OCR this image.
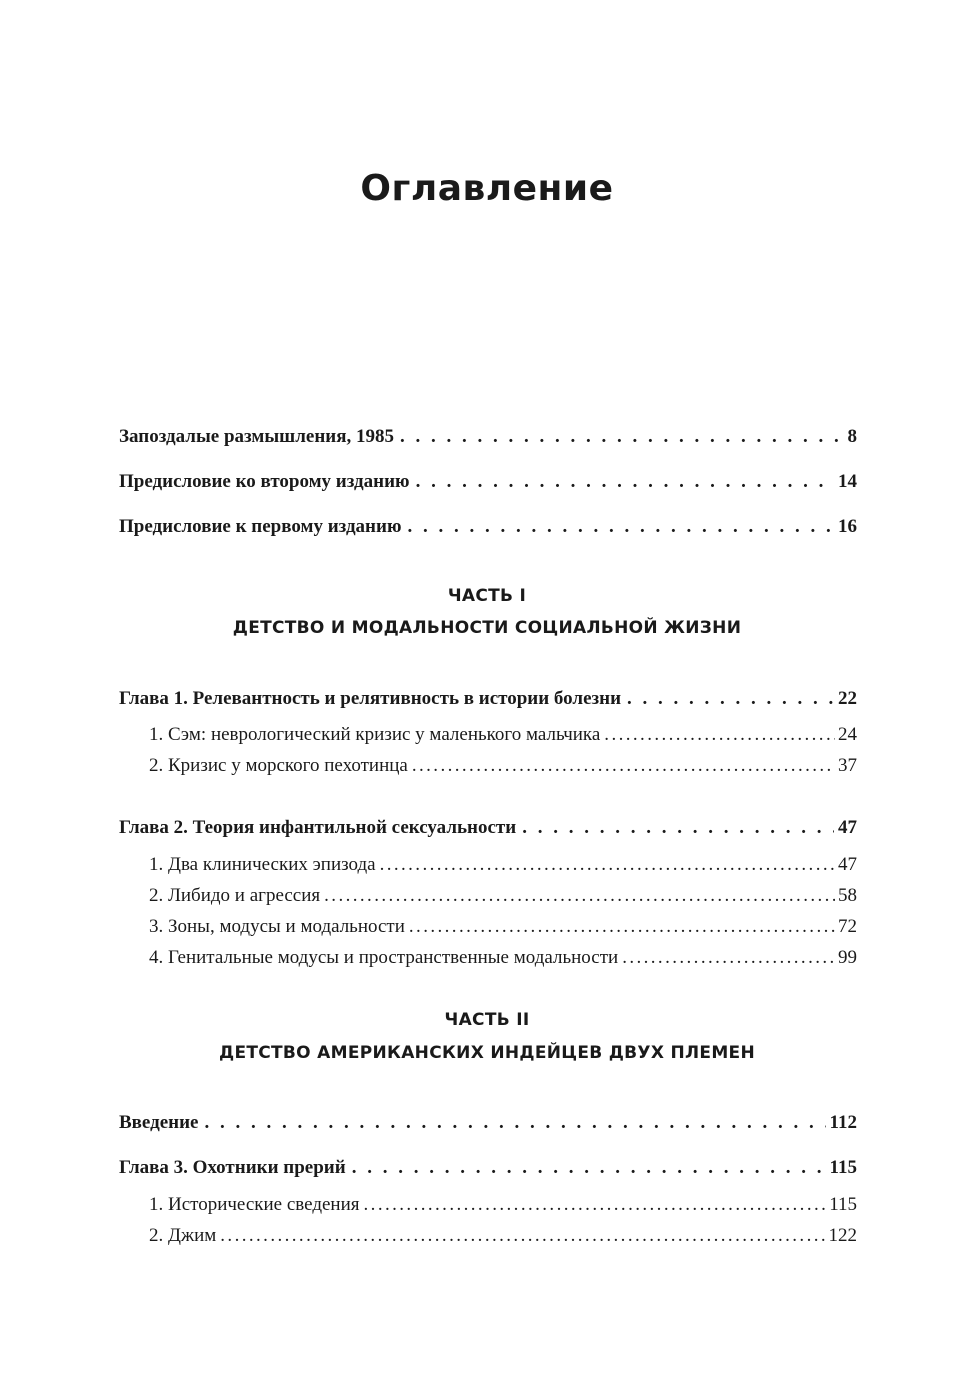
Оглавление
Запоздалые размышления, 1985 . . .	8
Предисловие ко второму изданию . . .	14
Предисловие к первому изданию . . .	16
ЧАСТЬ I
ДЕТСТВО И МОДАЛЬНОСТИ СОЦИАЛЬНОЙ ЖИЗНИ
Глава 1. Релевантность и релятивность в истории болезни . . .	22
1. Сэм: неврологический кризис у маленького мальчика .....	24
2. Кризис у морского пехотинца .....	37
Глава 2. Теория инфантильной сексуальности . . .	47
1. Два клинических эпизода .....	47
2. Либидо и агрессия .....	58
3. Зоны, модусы и модальности .....	72
4. Генитальные модусы и пространственные модальности .....	99
ЧАСТЬ II
ДЕТСТВО АМЕРИКАНСКИХ ИНДЕЙЦЕВ ДВУХ ПЛЕМЕН
Введение . . .	112
Глава 3. Охотники прерий . . .	115
1. Исторические сведения .....	115
2. Джим .....	122
